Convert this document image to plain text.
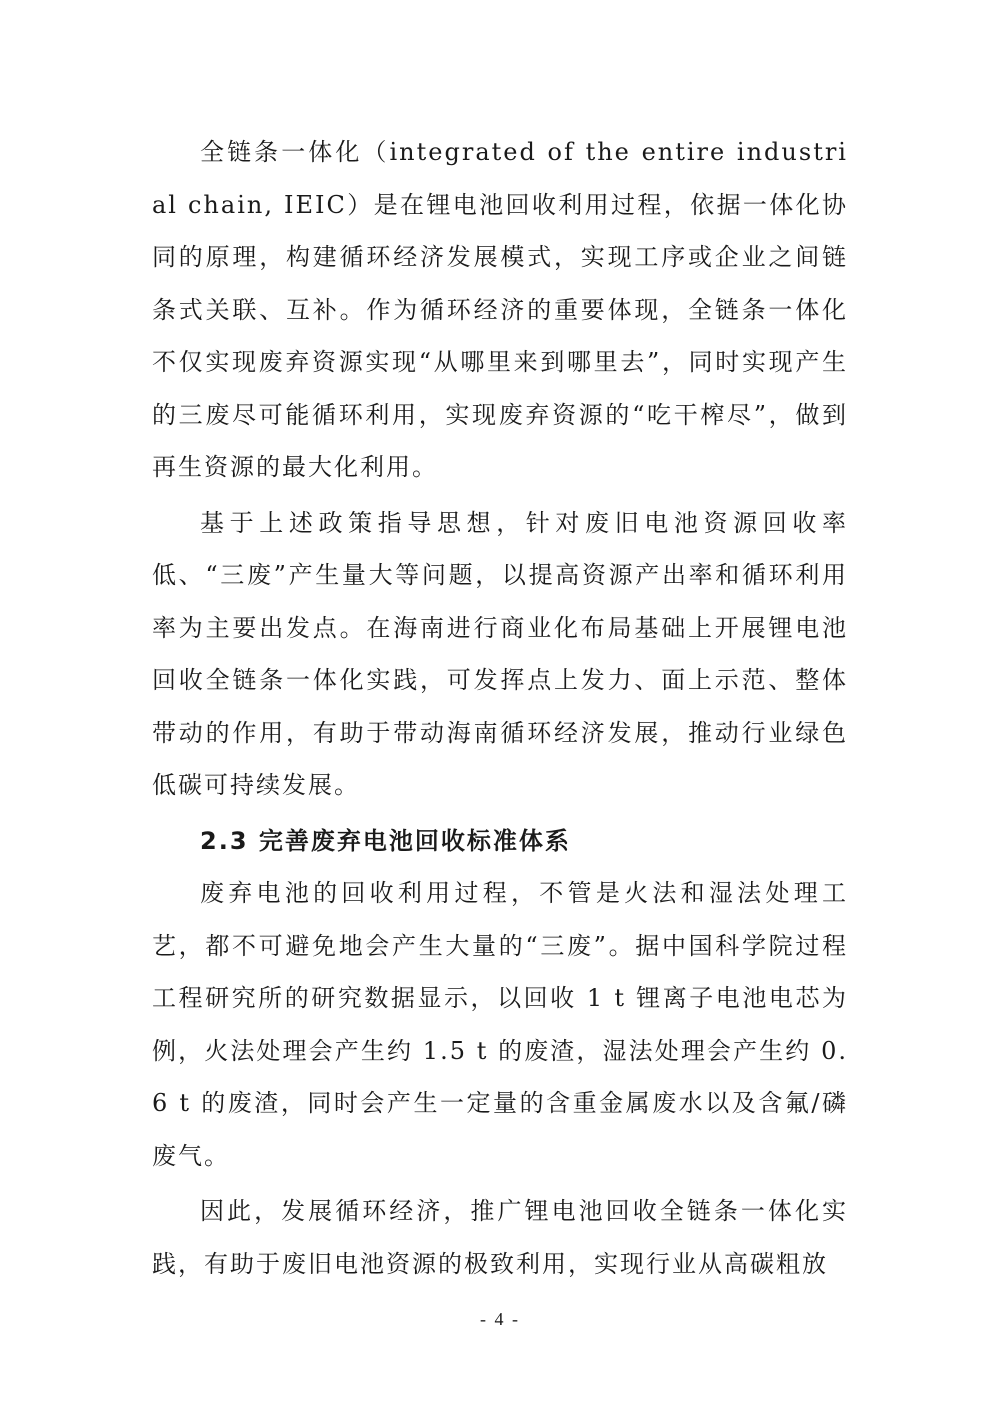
全链条一体化（integrated of the entire industrial chain, IEIC）是在锂电池回收利用过程，依据一体化协同的原理，构建循环经济发展模式，实现工序或企业之间链条式关联、互补。作为循环经济的重要体现，全链条一体化不仅实现废弃资源实现“从哪里来到哪里去”，同时实现产生的三废尽可能循环利用，实现废弃资源的“吃干榨尽”，做到再生资源的最大化利用。

基于上述政策指导思想，针对废旧电池资源回收率低、“三废”产生量大等问题，以提高资源产出率和循环利用率为主要出发点。在海南进行商业化布局基础上开展锂电池回收全链条一体化实践，可发挥点上发力、面上示范、整体带动的作用，有助于带动海南循环经济发展，推动行业绿色低碳可持续发展。

2.3 完善废弃电池回收标准体系

废弃电池的回收利用过程，不管是火法和湿法处理工艺，都不可避免地会产生大量的“三废”。据中国科学院过程工程研究所的研究数据显示，以回收 1 t 锂离子电池电芯为例，火法处理会产生约 1.5 t 的废渣，湿法处理会产生约 0.6 t 的废渣，同时会产生一定量的含重金属废水以及含氟/磷废气。

因此，发展循环经济，推广锂电池回收全链条一体化实践，有助于废旧电池资源的极致利用，实现行业从高碳粗放

- 4 -
